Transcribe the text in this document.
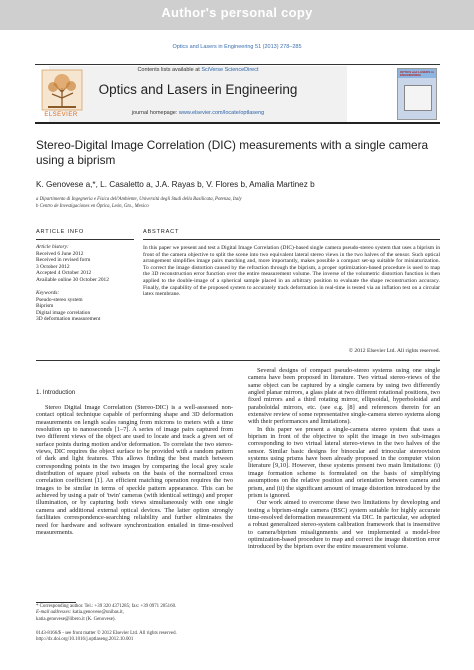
Author's personal copy
Optics and Lasers in Engineering 51 (2013) 278–285
ELSEVIER
Contents lists available at SciVerse ScienceDirect
Optics and Lasers in Engineering
journal homepage: www.elsevier.com/locate/optlaseng
OPTICS and LASERS in ENGINEERING
Stereo-Digital Image Correlation (DIC) measurements with a single camera using a biprism
K. Genovese a,*, L. Casaletto a, J.A. Rayas b, V. Flores b, Amalia Martinez b
a Dipartimento di Ingegneria e Fisica dell'Ambiente, Università degli Studi della Basilicata, Potenza, Italy
b Centro de Investigaciones en Óptica, León, Gto., Mexico
ARTICLE INFO	ABSTRACT
Article history:
Received 6 June 2012
Received in revised form
3 October 2012
Accepted 4 October 2012
Available online 30 October 2012
Keywords:
Pseudo-stereo system
Biprism
Digital image correlation
3D deformation measurement
In this paper we present and test a Digital Image Correlation (DIC)-based single camera pseudo-stereo system that uses a biprism in front of the camera objective to split the scene into two equivalent lateral stereo views in the two halves of the sensor. Such optical arrangement simplifies image pairs matching and, more importantly, makes possible a compact set-up suitable for miniaturization. To correct the image distortion caused by the refraction through the biprism, a proper optimization-based procedure is used to map the 3D reconstruction error function over the entire measurement volume. The inverse of the volumetric distortion function is then applied to the double-image of a spherical sample placed in an arbitrary position to evaluate the shape reconstruction accuracy. Finally, the capability of the proposed system to accurately track deformation in real-time is tested via an inflation test on a circular latex membrane.
© 2012 Elsevier Ltd. All rights reserved.
1. Introduction

Stereo Digital Image Correlation (Stereo-DIC) is a well-assessed non-contact optical technique capable of performing shape and 3D deformation measurements on length scales ranging from microns to meters with a time resolution up to nanoseconds [1–7]. A series of image pairs captured from two different views of the object are used to locate and track a given set of surface points during motion and/or deformation. To correlate the two stereo-views, DIC requires the object surface to be provided with a random pattern of dark and light features. This allows finding the best match between corresponding points in the two images by comparing the local grey scale distribution of square pixel subsets on the basis of the normalized cross correlation coefficient [1]. An efficient matching operation requires the two images to be similar in terms of speckle pattern appearance. This can be achieved by using a pair of 'twin' cameras (with identical settings) and proper illumination, or by capturing both views simultaneously with one single camera and additional external optical devices. The latter option strongly facilitates correspondence-searching reliability and further eliminates the need for hardware and software synchronization entailed in time-resolved measurements.

Several designs of compact pseudo-stereo systems using one single camera have been proposed in literature. Two virtual stereo-views of the same object can be captured by a single camera by using two differently angled planar mirrors, a glass plate at two different rotational positions, two fixed mirrors and a third rotating mirror, ellipsoidal, hyperboloidal and paraboloidal mirrors, etc. (see e.g. [8] and references therein for an extensive review of some representative single-camera stereo systems along with their performances and limitations).

In this paper we present a single-camera stereo system that uses a biprism in front of the objective to split the image in two sub-images corresponding to two virtual lateral stereo-views in the two halves of the sensor. Similar basic designs for binocular and trinocular stereovision systems using prisms have been already proposed in the computer vision literature [9,10]. However, these systems present two main limitations: (i) image formation scheme is formulated on the basis of simplifying assumptions on the relative position and orientation between camera and prism, and (ii) the significant amount of image distortion introduced by the prism is ignored.

Our work aimed to overcome these two limitations by developing and testing a biprism-single camera (BSC) system suitable for highly accurate time-resolved deformation measurement via DIC. In particular, we adopted a robust generalized stereo-system calibration framework that is insensitive to camera/biprism misalignments and we implemented a model-free optimization-based procedure to map and correct the image distortion error introduced by the biprism over the entire measurement volume.

* Corresponding author. Tel.: +39 320 4371285; fax: +39 0971 205160.
E-mail addresses: katia.genovese@unibas.it,
katia.genovese@libero.it (K. Genovese).
0143-8166/$ - see front matter © 2012 Elsevier Ltd. All rights reserved.
http://dx.doi.org/10.1016/j.optlaseng.2012.10.001
